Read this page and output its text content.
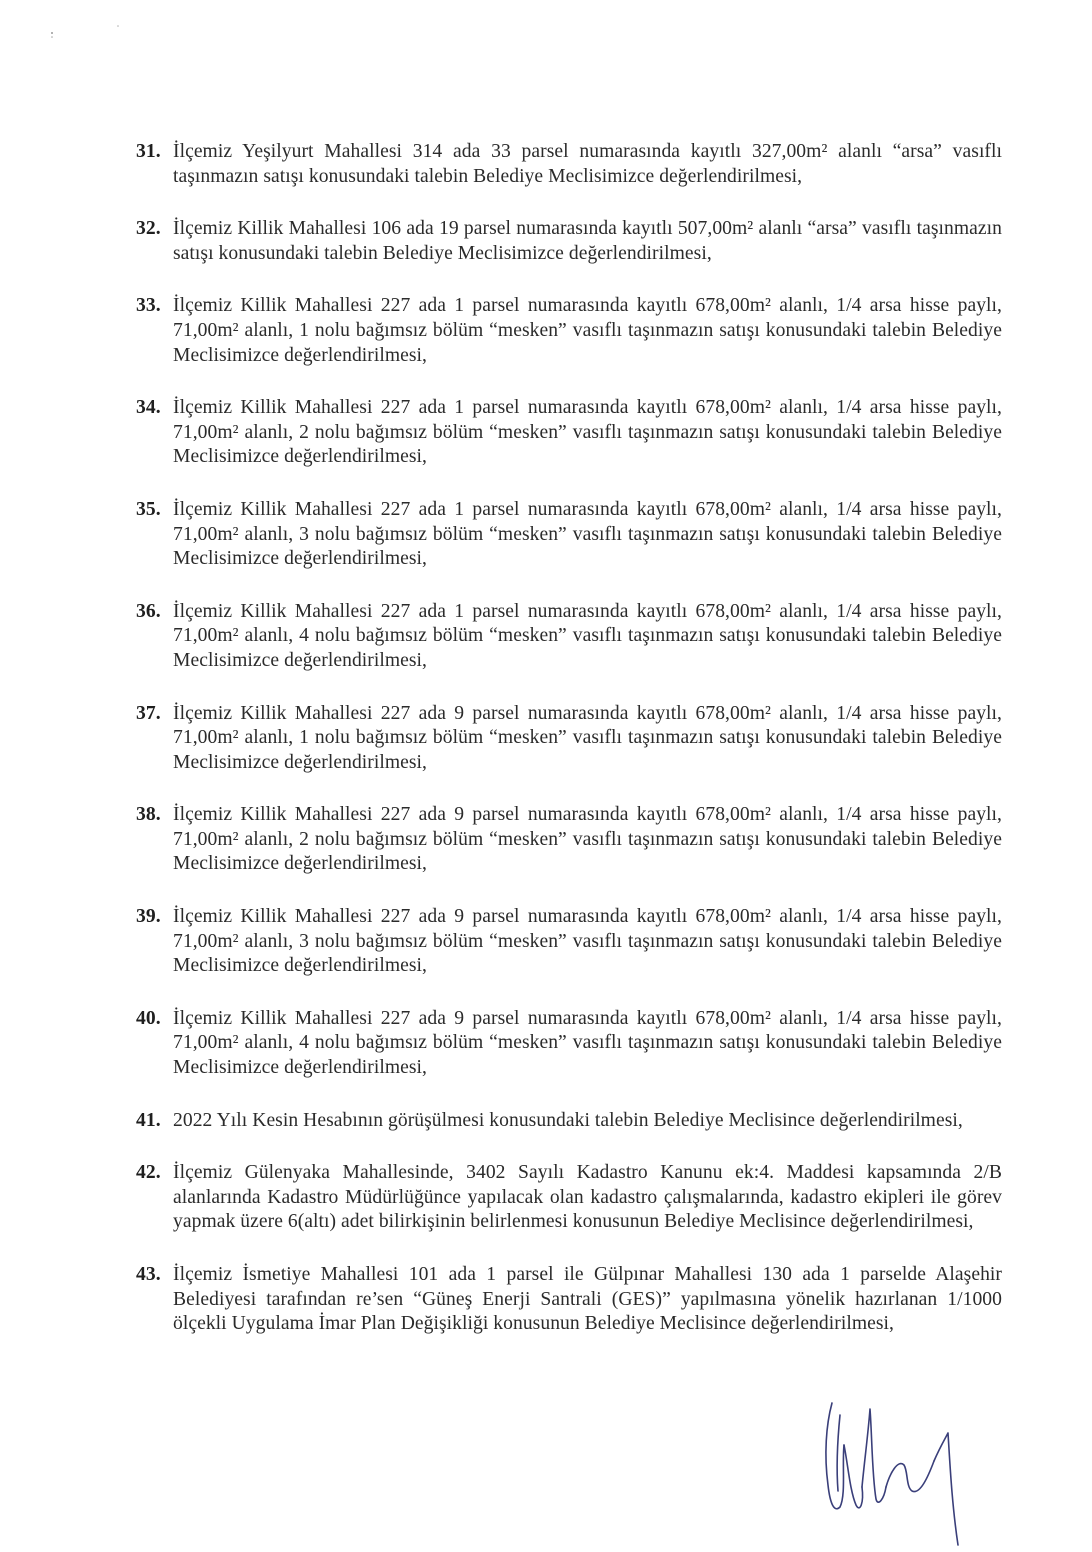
31. İlçemiz Yeşilyurt Mahallesi 314 ada 33 parsel numarasında kayıtlı 327,00m² alanlı “arsa” vasıflı taşınmazın satışı konusundaki talebin Belediye Meclisimizce değerlendirilmesi,
32. İlçemiz Killik Mahallesi 106 ada 19 parsel numarasında kayıtlı 507,00m² alanlı “arsa” vasıflı taşınmazın satışı konusundaki talebin Belediye Meclisimizce değerlendirilmesi,
33. İlçemiz Killik Mahallesi 227 ada 1 parsel numarasında kayıtlı 678,00m² alanlı, 1/4 arsa hisse paylı, 71,00m² alanlı, 1 nolu bağımsız bölüm “mesken” vasıflı taşınmazın satışı konusundaki talebin Belediye Meclisimizce değerlendirilmesi,
34. İlçemiz Killik Mahallesi 227 ada 1 parsel numarasında kayıtlı 678,00m² alanlı, 1/4 arsa hisse paylı, 71,00m² alanlı, 2 nolu bağımsız bölüm “mesken” vasıflı taşınmazın satışı konusundaki talebin Belediye Meclisimizce değerlendirilmesi,
35. İlçemiz Killik Mahallesi 227 ada 1 parsel numarasında kayıtlı 678,00m² alanlı, 1/4 arsa hisse paylı, 71,00m² alanlı, 3 nolu bağımsız bölüm “mesken” vasıflı taşınmazın satışı konusundaki talebin Belediye Meclisimizce değerlendirilmesi,
36. İlçemiz Killik Mahallesi 227 ada 1 parsel numarasında kayıtlı 678,00m² alanlı, 1/4 arsa hisse paylı, 71,00m² alanlı, 4 nolu bağımsız bölüm “mesken” vasıflı taşınmazın satışı konusundaki talebin Belediye Meclisimizce değerlendirilmesi,
37. İlçemiz Killik Mahallesi 227 ada 9 parsel numarasında kayıtlı 678,00m² alanlı, 1/4 arsa hisse paylı, 71,00m² alanlı, 1 nolu bağımsız bölüm “mesken” vasıflı taşınmazın satışı konusundaki talebin Belediye Meclisimizce değerlendirilmesi,
38. İlçemiz Killik Mahallesi 227 ada 9 parsel numarasında kayıtlı 678,00m² alanlı, 1/4 arsa hisse paylı, 71,00m² alanlı, 2 nolu bağımsız bölüm “mesken” vasıflı taşınmazın satışı konusundaki talebin Belediye Meclisimizce değerlendirilmesi,
39. İlçemiz Killik Mahallesi 227 ada 9 parsel numarasında kayıtlı 678,00m² alanlı, 1/4 arsa hisse paylı, 71,00m² alanlı, 3 nolu bağımsız bölüm “mesken” vasıflı taşınmazın satışı konusundaki talebin Belediye Meclisimizce değerlendirilmesi,
40. İlçemiz Killik Mahallesi 227 ada 9 parsel numarasında kayıtlı 678,00m² alanlı, 1/4 arsa hisse paylı, 71,00m² alanlı, 4 nolu bağımsız bölüm “mesken” vasıflı taşınmazın satışı konusundaki talebin Belediye Meclisimizce değerlendirilmesi,
41. 2022 Yılı Kesin Hesabının görüşülmesi konusundaki talebin Belediye Meclisince değerlendirilmesi,
42. İlçemiz Gülenyaka Mahallesinde, 3402 Sayılı Kadastro Kanunu ek:4. Maddesi kapsamında 2/B alanlarında Kadastro Müdürlüğünce yapılacak olan kadastro çalışmalarında, kadastro ekipleri ile görev yapmak üzere 6(altı) adet bilirkişinin belirlenmesi konusunun Belediye Meclisince değerlendirilmesi,
43. İlçemiz İsmetiye Mahallesi 101 ada 1 parsel ile Gülpınar Mahallesi 130 ada 1 parselde Alaşehir Belediyesi tarafından re’sen “Güneş Enerji Santrali (GES)” yapılmasına yönelik hazırlanan 1/1000 ölçekli Uygulama İmar Plan Değişikliği konusunun Belediye Meclisince değerlendirilmesi,
